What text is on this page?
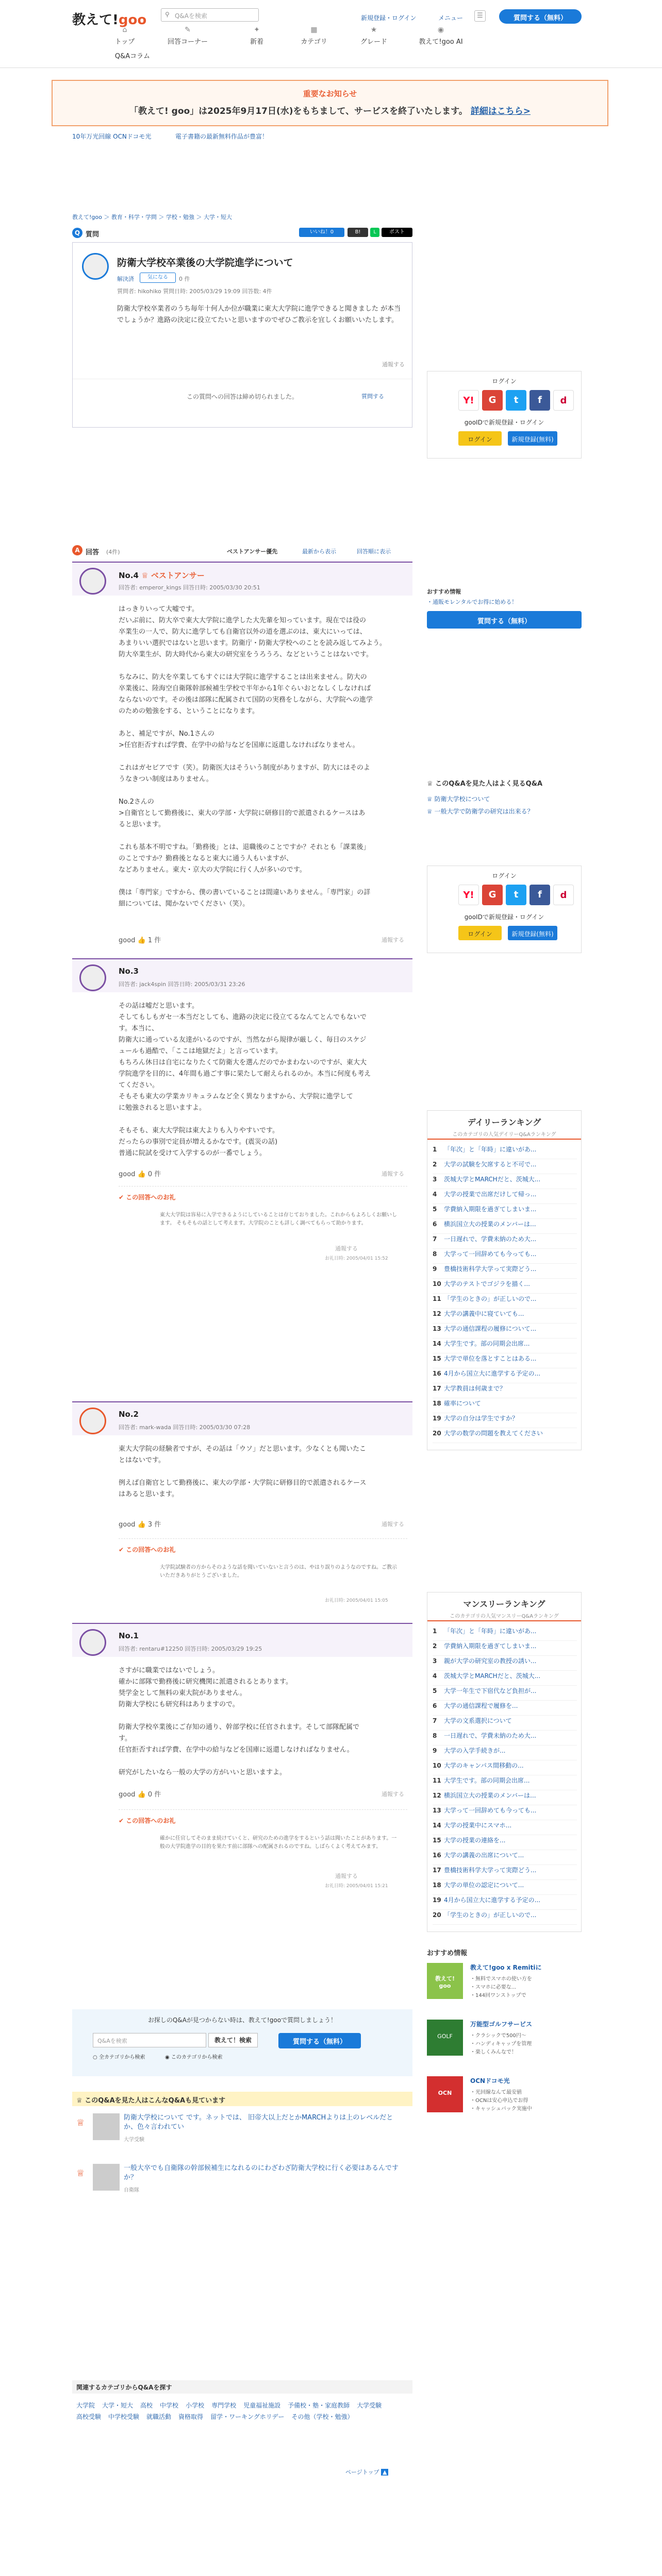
教えて!goo	⚲ Q&Aを検索	新規登録・ログイン	メニュー	☰	質問する（無料）
⌂
トップ
✎
回答コーナー
✦
新着
▦
カテゴリ
★
グレード
◉
教えて!goo AI
Q&Aコラム
重要なお知らせ
「教えて! goo」は2025年9月17日(水)をもちまして、サービスを終了いたします。 詳細はこちら>
10年万光回線 OCNドコモ光	電子書籍の最新無料作品が豊富！
教えて!goo ＞ 教育・科学・学問 ＞ 学校・勉強 ＞ 大学・短大
Q 質問	いいね！0	B!	L	ポスト
防衛大学校卒業後の大学院進学について
解決済	気になる	0 件
質問者: hikohiko 質問日時: 2005/03/29 19:09 回答数: 4件
防衛大学校卒業者のうち毎年十何人か位が職業に東大大学院に進学できると聞きました が本当でしょうか？進路の決定に役立てたいと思いますのでぜひご教示を宜しくお願いいたします。
通報する
この質問への回答は締め切られました。	質問する
ログイン
Y!	G	t	f	d
gooIDで新規登録・ログイン
ログイン	新規登録(無料)
A 回答 (4件)	ベストアンサー優先	最新から表示	回答順に表示
No.4 ♕ ベストアンサー
回答者: emperor_kings 回答日時: 2005/03/30 20:51
はっきりいって大嘘です。
だいぶ前に、防大卒で東大大学院に進学した大先輩を知っています。現在では役の
卒業生の一人で、防大に進学しても自衛官以外の道を選ぶのは、東大にいっては、
あまりいい選択ではないと思います。防衛庁・防衛大学校へのことを読み返してみよう。
防大卒業生が、防大時代から東大の研究室をうろうろ、などということはないです。

ちなみに、防大を卒業してもすぐには大学院に進学することは出来ません。防大の
卒業後に、陸海空自衛隊幹部候補生学校で半年から1年ぐらいおとなしくしなければ
ならないのです。その後は部隊に配属されて国防の実務をしながら、大学院への進学
のための勉強をする、ということになります。

あと、補足ですが、No.1さんの
>任官拒否すれば学費、在学中の給与などを国庫に返還しなければなりません。

これはガセビアです（笑）。防衛医大はそういう制度がありますが、防大にはそのよ
うなきつい制度はありません。

No.2さんの
>自衛官として勤務後に、東大の学部・大学院に研修目的で派遣されるケースはあ
ると思います。

これも基本不明ですね。「勤務後」とは、退職後のことですか？それとも「課業後」
のことですか？勤務後となると東大に通う人もいますが、
などありません。東大・京大の大学院に行く人が多いのです。

僕は「専門家」ですから、僕の書いていることは間違いありません。「専門家」の詳
細については、聞かないでください（笑）。
good 👍 1 件	通報する
No.3
回答者: jack4spin 回答日時: 2005/03/31 23:26
その話は嘘だと思います。
そしてもしもガセ一本当だとしても、進路の決定に役立てるなんてとんでもないで
す。本当に、
防衛大に通っている友達がいるのですが、当然ながら規律が厳しく、毎日のスケジ
ュールも過酷で、「ここは地獄だよ」と言っています。
もちろん休日は自宅になりたくて防衛大を選んだのでかまわないのですが、東大大
学院進学を目的に、4年間も過ごす事に果たして耐えられるのか。本当に何度も考え
てください。
そもそも東大の学業カリキュラムなど全く異なりますから、大学院に進学して
に勉強されると思いますよ。

そもそも、東大大学院は東大よりも入りやすいです。
だったらの事別で定員が増えるかなです。(震災の話)
普通に院試を受けて入学するのが一番でしょう。
good 👍 0 件	通報する
✔ この回答へのお礼
東大大学院は容易に入学できるようにしていることは存じておりました。これからもよろしくお願いします。 そもそもの話として考えます。大学院のことも詳しく調べてもらって助かります。
通報する
お礼日時: 2005/04/01 15:52
No.2
回答者: mark-wada 回答日時: 2005/03/30 07:28
東大大学院の経験者ですが、その話は「ウソ」だと思います。少なくとも聞いたこ
とはないです。

例えば自衛官として勤務後に、東大の学部・大学院に研修目的で派遣されるケース
はあると思います。
good 👍 3 件	通報する
✔ この回答へのお礼
大学院試験者の方からそのような話を聞いていないと言うのは、やはり誤りのようなのですね。ご教示いただきありがとうございました。
お礼日時: 2005/04/01 15:05
No.1
回答者: rentaru#12250 回答日時: 2005/03/29 19:25
さすがに職業ではないでしょう。
確かに部隊で勤務後に研究機関に派遣されるとあります。
奨学金として無料の東大院がありません。
防衛大学校にも研究科はありますので。

防衛大学校卒業後にご存知の通り、幹部学校に任官されます。そして部隊配属で
す。
任官拒否すれば学費、在学中の給与などを国庫に返還しなければなりません。

研究がしたいなら一般の大学の方がいいと思いますよ。
good 👍 0 件	通報する
✔ この回答へのお礼
確かに任官してそのまま続けていくと、研究のための進学をするという話は聞いたことがあります。一般の大学院進学の目的を果たす前に部隊への配属されるのですね。しばらくよく考えてみます。
通報する
お礼日時: 2005/04/01 15:21
おすすめ情報
・通販モレンタルでお得に始める！
質問する（無料）
♕ このQ&Aを見た人はよく見るQ&A
♕ 防衛大学校について
♕ 一般大学で防衛学の研究は出来る？
ログイン
Y!	G	t	f	d
gooIDで新規登録・ログイン
ログイン	新規登録(無料)
デイリーランキング
このカテゴリの人気デイリーQ&Aランキング
1 「年次」と「年時」に違いがあ...
2 大学の試験を欠席すると不可で...
3 茨城大学とMARCHだと、茨城大...
4 大学の授業で出席だけして帰っ...
5 学費納入期限を過ぎてしまいま...
6 横浜国立大の授業のメンバーは...
7 一日遅れで、学費未納のため大...
8 大学って一回辞めても今っても...
9 豊橋技術科学大学って実際どう...
10 大学のテストでゴジラを描く...
11 「学生のときの」が正しいので...
12 大学の講義中に寝ていても...
13 大学の通信課程の履修について...
14 大学生です。部の同期会出席...
15 大学で単位を落とすことはある...
16 4月から国立大に進学する予定の...
17 大学教員は何歳まで？
18 確率について
19 大学の自分は学生ですか？
20 大学の数学の問題を教えてください
マンスリーランキング
このカテゴリの人気マンスリーQ&Aランキング
1 「年次」と「年時」に違いがあ...
2 学費納入期限を過ぎてしまいま...
3 親が大学の研究室の教授の誘い...
4 茨城大学とMARCHだと、茨城大...
5 大学一年生で下宿代など負担が...
6 大学の通信課程で履修を...
7 大学の文系選択について
8 一日遅れで、学費未納のため大...
9 大学の入学手続きが...
10 大学のキャンパス間移動の...
11 大学生です。部の同期会出席...
12 横浜国立大の授業のメンバーは...
13 大学って一回辞めても今っても...
14 大学の授業中にスマホ...
15 大学の授業の連絡を...
16 大学の講義の出席について...
17 豊橋技術科学大学って実際どう...
18 大学の単位の認定について...
19 4月から国立大に進学する予定の...
20 「学生のときの」が正しいので...
おすすめ情報
教えて!
goo
教えて!goo x Remitiに
・無料でスマホの使い方を
・スマホに必要な...
・144回ワンストップで
GOLF
万能型ゴルフサービス
・クラシックで500円〜
・ハンディキャップを管理
・楽しくみんなで！
OCN
OCNドコモ光
・光回線なんて最安値
・OCNは安心申込でお得
・キャッシュバック実施中
お探しのQ&Aが見つからない時は、教えて!gooで質問しましょう！
Q&Aを検索	教えて！検索	質問する（無料）
○ 全カテゴリから検索	◉ このカテゴリから検索
♕ このQ&Aを見た人はこんなQ&Aも見ています
♕	防衛大学校について です。ネットでは、 旧帝大以上だとかMARCHよりは上のレベルだとか、色々言われてい
大学受験
♕	一般大卒でも自衛隊の幹部候補生になれるのにわざわざ防衛大学校に行く必要はあるんですか？
自衛隊
関連するカテゴリからQ&Aを探す
大学院 大学・短大 高校 中学校 小学校 専門学校 児童福祉施設 予備校・塾・家庭教師 大学受験高校受験 中学校受験 就職活動 資格取得 留学・ワーキングホリデー その他（学校・勉強）
ページトップ ▲
